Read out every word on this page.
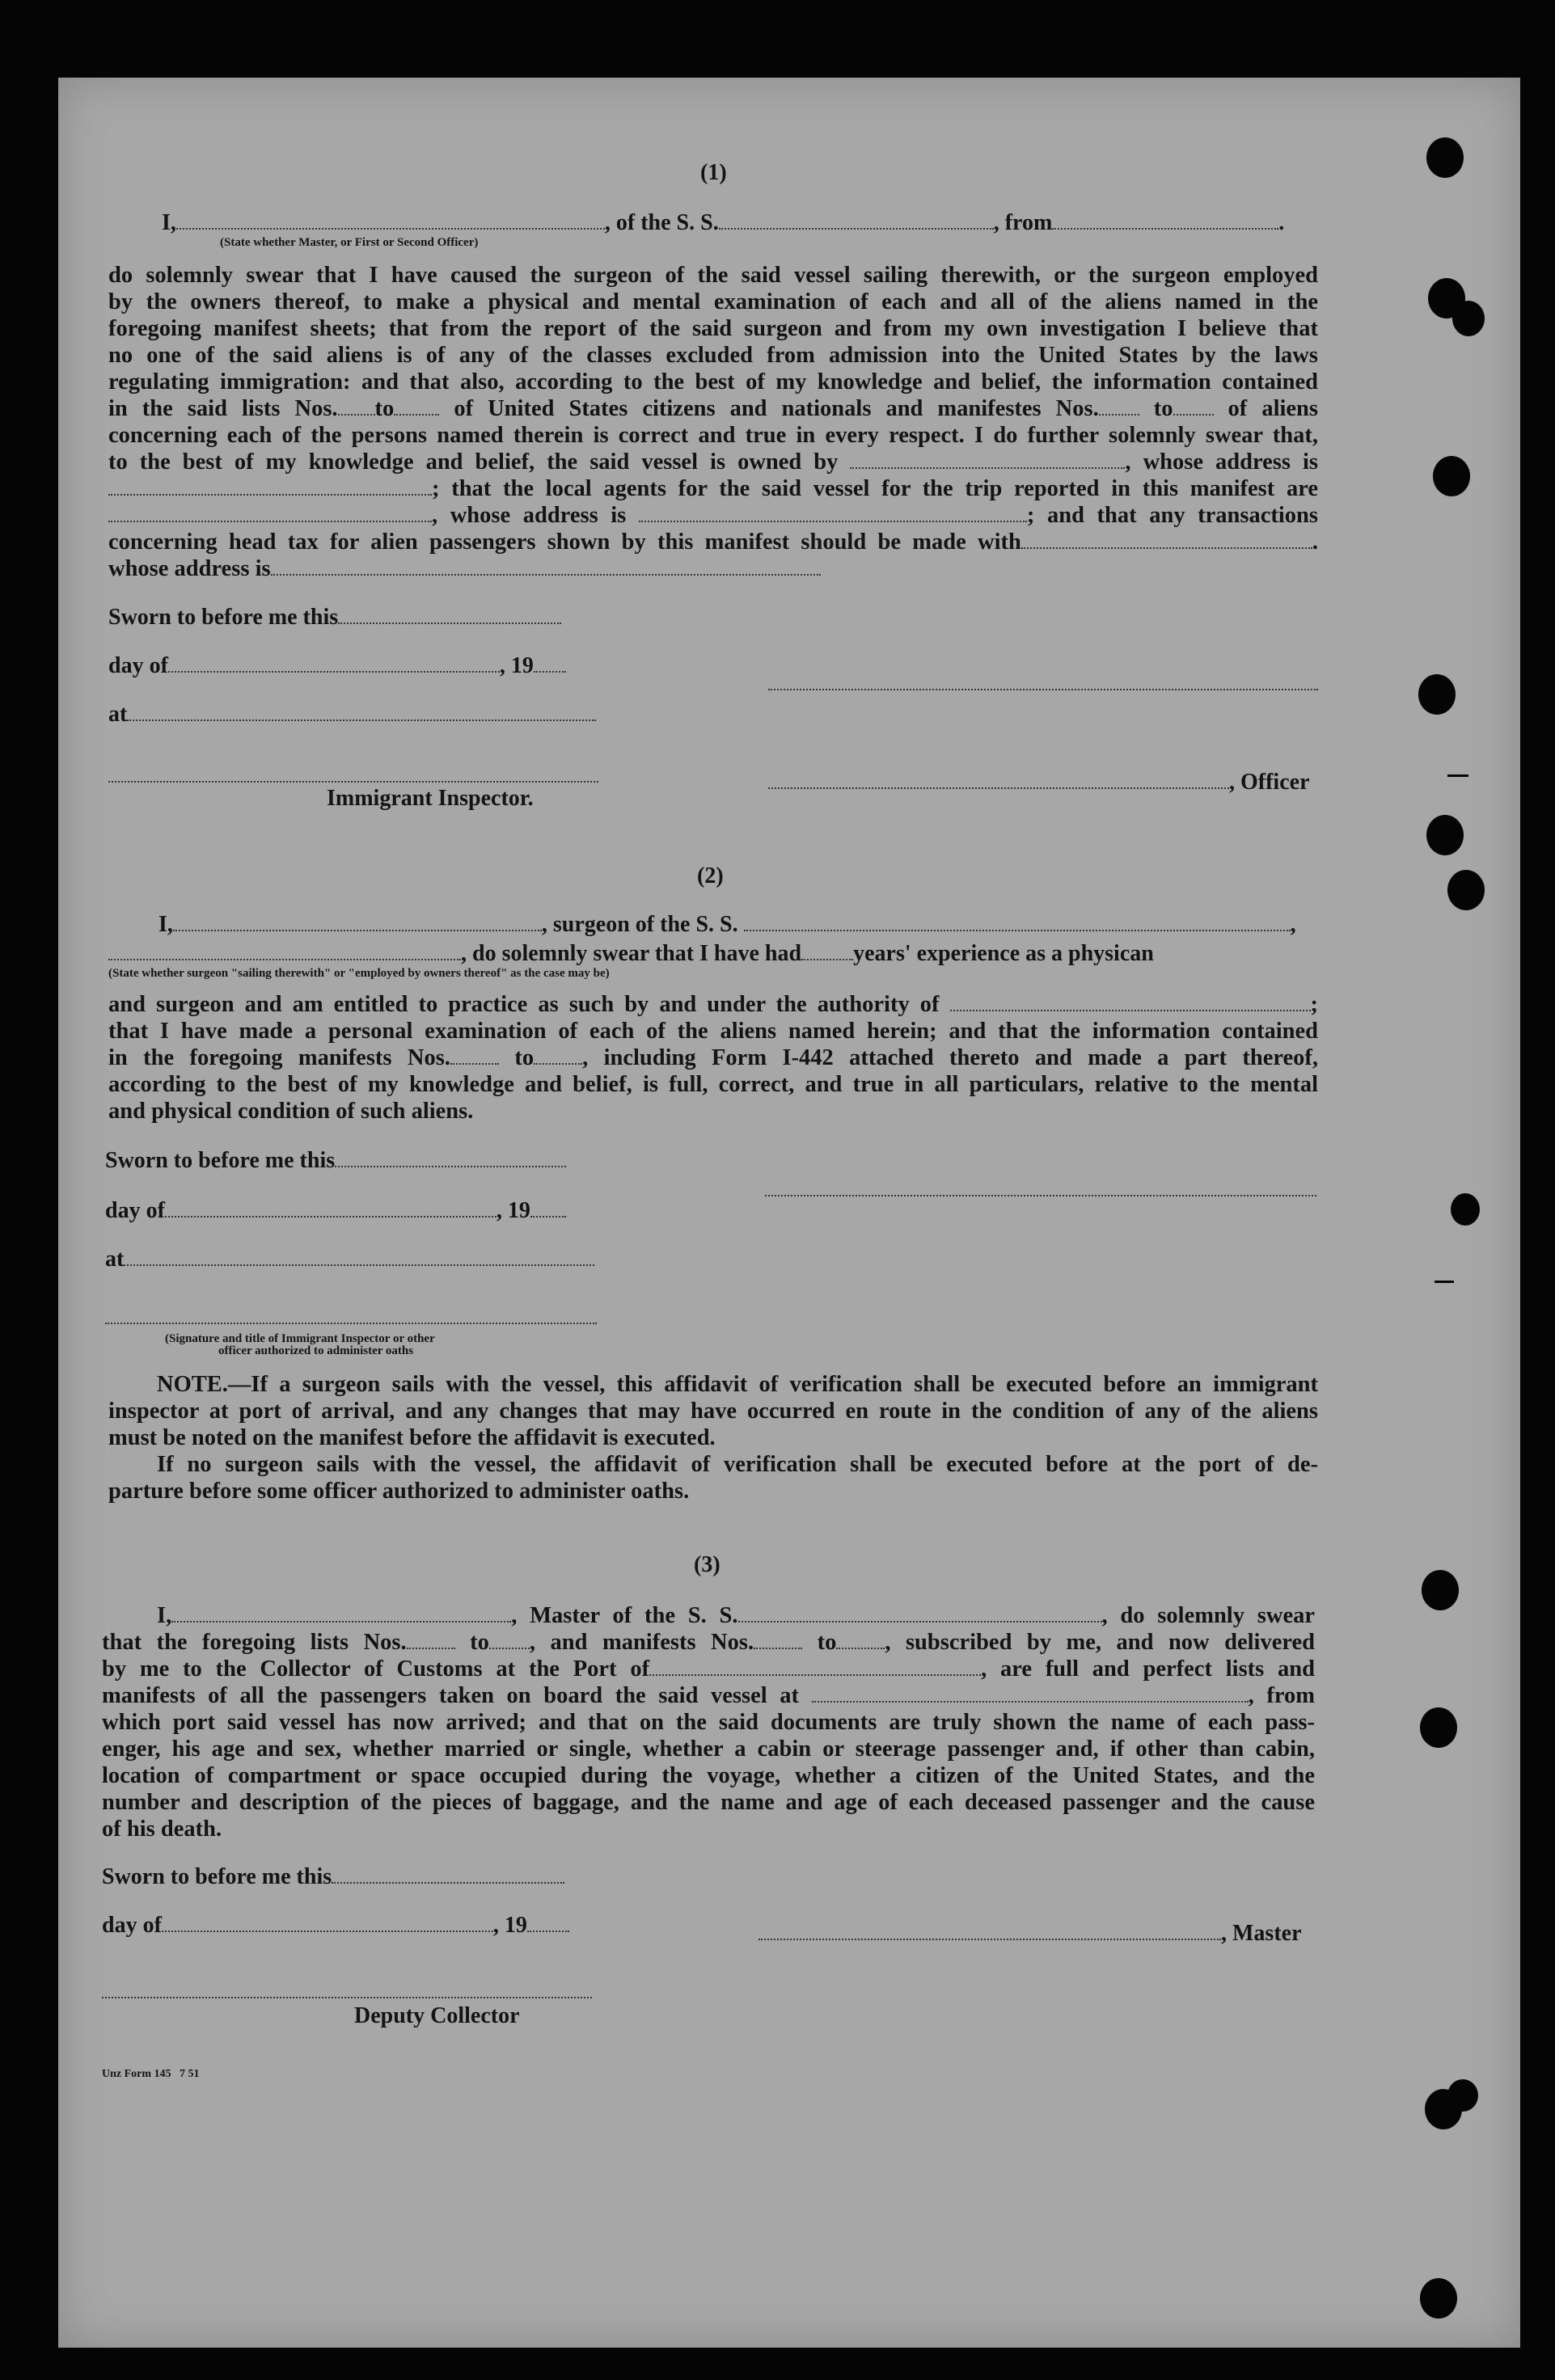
(1)
I,	, of the S. S.	, from	.
(State whether Master, or First or Second Officer)

do solemnly swear that I have caused the surgeon of the said vessel sailing therewith, or the surgeon employed

by the owners thereof, to make a physical and mental examination of each and all of the aliens named in the

foregoing manifest sheets; that from the report of the said surgeon and from my own investigation I believe that

no one of the said aliens is of any of the classes excluded from admission into the United States by the laws

regulating immigration: and that also, according to the best of my knowledge and belief, the information contained

in the said lists Nos. to	of United States citizens and nationals and manifestes Nos. to of aliens

concerning each of the persons named therein is correct and true in every respect. I do further solemnly swear that,

to the best of my knowledge and belief, the said vessel is owned by	, whose address is

; that the local agents for the said vessel for the trip reported in this manifest are

, whose address is	; and that any transactions

concerning head tax for alien passengers shown by this manifest should be made with	.

whose address is

Sworn to before me this
day of	, 19
at
, Officer
Immigrant Inspector.
(2)
I,	, surgeon of the S. S.	,
, do solemnly swear that I have had years' experience as a physican
(State whether surgeon "sailing therewith" or "employed by owners thereof" as the case may be)

and surgeon and am entitled to practice as such by and under the authority of	;

that I have made a personal examination of each of the aliens named herein; and that the information contained

in the foregoing manifests Nos.	to , including Form I-442 attached thereto and made a part thereof,

according to the best of my knowledge and belief, is full, correct, and true in all particulars, relative to the mental

and physical condition of such aliens.

Sworn to before me this
day of	, 19
at
(Signature and title of Immigrant Inspector or other
officer authorized to administer oaths

NOTE.—If a surgeon sails with the vessel, this affidavit of verification shall be executed before an immigrant

inspector at port of arrival, and any changes that may have occurred en route in the condition of any of the aliens

must be noted on the manifest before the affidavit is executed.

If no surgeon sails with the vessel, the affidavit of verification shall be executed before at the port of de-

parture before some officer authorized to administer oaths.

(3)

I,	, Master of the S. S.	, do solemnly swear

that the foregoing lists Nos.	to , and manifests Nos.	to , subscribed by me, and now delivered

by me to the Collector of Customs at the Port of	, are full and perfect lists and

manifests of all the passengers taken on board the said vessel at	, from

which port said vessel has now arrived; and that on the said documents are truly shown the name of each pass-

enger, his age and sex, whether married or single, whether a cabin or steerage passenger and, if other than cabin,

location of compartment or space occupied during the voyage, whether a citizen of the United States, and the

number and description of the pieces of baggage, and the name and age of each deceased passenger and the cause

of his death.

Sworn to before me this
day of	, 19	, Master
Deputy Collector
Unz Form 145   7 51
